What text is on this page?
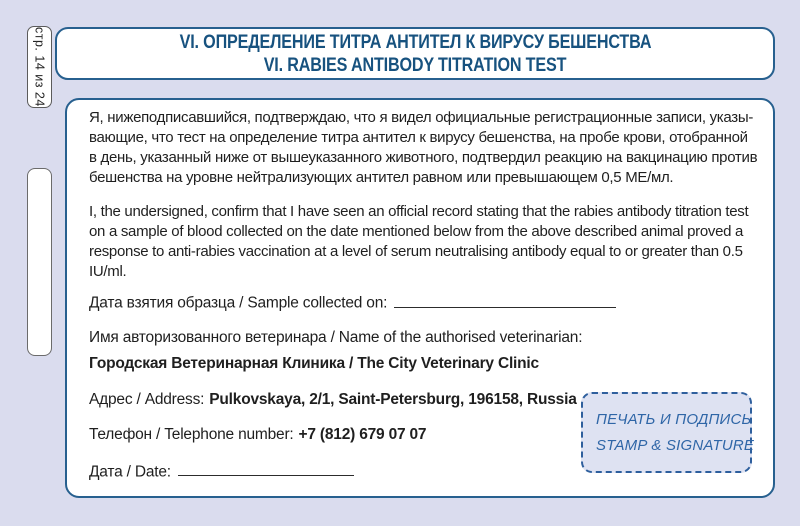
стр. 14 из 24	VI. ОПРЕДЕЛЕНИЕ ТИТРА АНТИТЕЛ К ВИРУСУ БЕШЕНСТВА
VI. RABIES ANTIBODY TITRATION TEST
Я, нижеподписавшийся, подтверждаю, что я видел официальные регистрационные записи, указы-
вающие, что тест на определение титра антител к вирусу бешенства, на пробе крови, отобранной
в день, указанный ниже от вышеуказанного животного, подтвердил реакцию на вакцинацию против
бешенства на уровне нейтрализующих антител равном или превышающем 0,5 МЕ/мл.
I, the undersigned, confirm that I have seen an official record stating that the rabies antibody titration test
on a sample of blood collected on the date mentioned below from the above described animal proved a
response to anti-rabies vaccination at a level of serum neutralising antibody equal to or greater than 0.5
IU/ml.
Дата взятия образца / Sample collected on:
Имя авторизованного ветеринара / Name of the authorised veterinarian:
Городская Ветеринарная Клиника / The City Veterinary Clinic
Адрес / Address: Pulkovskaya, 2/1, Saint-Petersburg, 196158, Russia
Телефон / Telephone number: +7 (812) 679 07 07
Дата / Date:
ПЕЧАТЬ И ПОДПИСЬ
STAMP & SIGNATURE
